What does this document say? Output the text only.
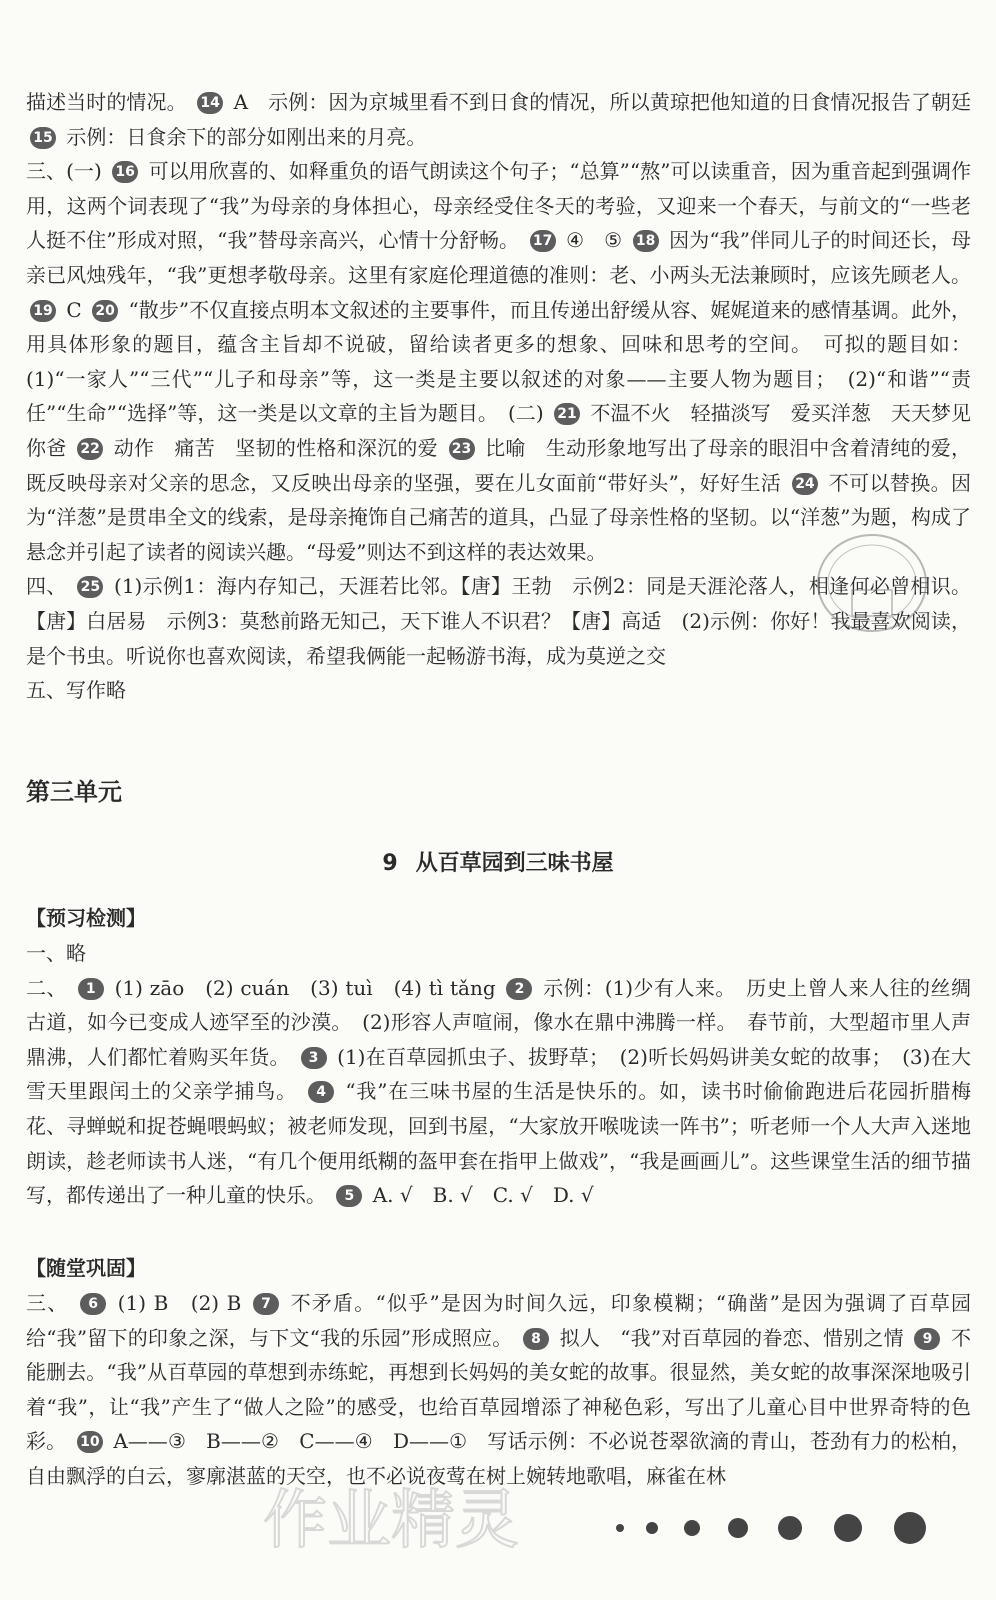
描述当时的情况。 14 A　示例：因为京城里看不到日食的情况，所以黄琼把他知道的日食情况报告了朝廷 15 示例：日食余下的部分如刚出来的月亮。

三、(一) 16 可以用欣喜的、如释重负的语气朗读这个句子；“总算”“熬”可以读重音，因为重音起到强调作用，这两个词表现了“我”为母亲的身体担心，母亲经受住冬天的考验，又迎来一个春天，与前文的“一些老人挺不住”形成对照，“我”替母亲高兴，心情十分舒畅。 17 ④　⑤ 18 因为“我”伴同儿子的时间还长，母亲已风烛残年，“我”更想孝敬母亲。这里有家庭伦理道德的准则：老、小两头无法兼顾时，应该先顾老人。 19 C 20 “散步”不仅直接点明本文叙述的主要事件，而且传递出舒缓从容、娓娓道来的感情基调。此外，用具体形象的题目，蕴含主旨却不说破，留给读者更多的想象、回味和思考的空间。　可拟的题目如：(1)“一家人”“三代”“儿子和母亲”等，这一类是主要以叙述的对象——主要人物为题目；　(2)“和谐”“责任”“生命”“选择”等，这一类是以文章的主旨为题目。　(二) 21 不温不火　轻描淡写　爱买洋葱　天天梦见你爸 22 动作　痛苦　坚韧的性格和深沉的爱 23 比喻　生动形象地写出了母亲的眼泪中含着清纯的爱，既反映母亲对父亲的思念，又反映出母亲的坚强，要在儿女面前“带好头”，好好生活 24 不可以替换。因为“洋葱”是贯串全文的线索，是母亲掩饰自己痛苦的道具，凸显了母亲性格的坚韧。以“洋葱”为题，构成了悬念并引起了读者的阅读兴趣。“母爱”则达不到这样的表达效果。

四、 25 (1)示例1：海内存知己，天涯若比邻。【唐】王勃　示例2：同是天涯沦落人，相逢何必曾相识。【唐】白居易　示例3：莫愁前路无知己，天下谁人不识君？【唐】高适　(2)示例：你好！我最喜欢阅读，是个书虫。听说你也喜欢阅读，希望我俩能一起畅游书海，成为莫逆之交

五、写作略

第三单元
9 从百草园到三味书屋
【预习检测】

一、略

二、 1 (1) zāo　(2) cuán　(3) tuì　(4) tì tǎng 2 示例：(1)少有人来。　历史上曾人来人往的丝绸古道，如今已变成人迹罕至的沙漠。　(2)形容人声喧闹，像水在鼎中沸腾一样。　春节前，大型超市里人声鼎沸，人们都忙着购买年货。 3 (1)在百草园抓虫子、拔野草；　(2)听长妈妈讲美女蛇的故事；　(3)在大雪天里跟闰土的父亲学捕鸟。 4 “我”在三味书屋的生活是快乐的。如，读书时偷偷跑进后花园折腊梅花、寻蝉蜕和捉苍蝇喂蚂蚁；被老师发现，回到书屋，“大家放开喉咙读一阵书”；听老师一个人大声入迷地朗读，趁老师读书人迷，“有几个便用纸糊的盔甲套在指甲上做戏”，“我是画画儿”。这些课堂生活的细节描写，都传递出了一种儿童的快乐。 5 A. √　B. √　C. √　D. √

【随堂巩固】

三、 6 (1) B　(2) B 7 不矛盾。“似乎”是因为时间久远，印象模糊；“确凿”是因为强调了百草园给“我”留下的印象之深，与下文“我的乐园”形成照应。 8 拟人　“我”对百草园的眷恋、惜别之情 9 不能删去。“我”从百草园的草想到赤练蛇，再想到长妈妈的美女蛇的故事。很显然，美女蛇的故事深深地吸引着“我”，让“我”产生了“做人之险”的感受，也给百草园增添了神秘色彩，写出了儿童心目中世界奇特的色彩。 10 A——③　B——②　C——④　D——①　写话示例：不必说苍翠欲滴的青山，苍劲有力的松柏，自由飘浮的白云，寥廓湛蓝的天空，也不必说夜莺在树上婉转地歌唱，麻雀在林

作业精灵
